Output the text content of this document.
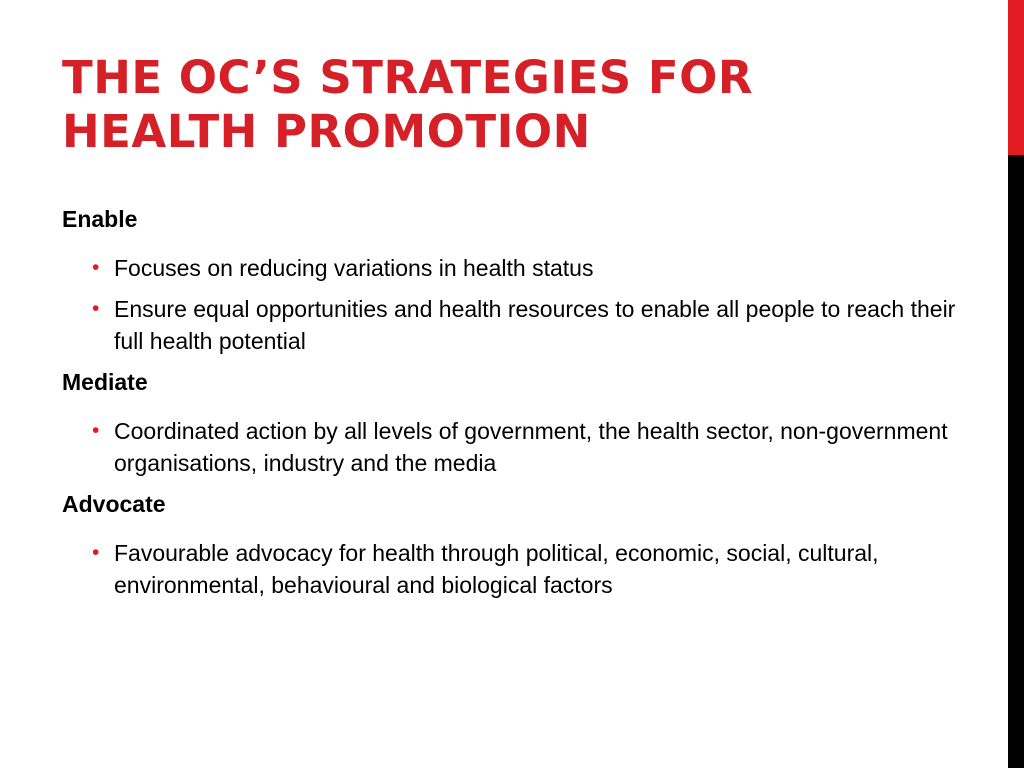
THE OC’S STRATEGIES FOR
HEALTH PROMOTION
Enable
• Focuses on reducing variations in health status
• Ensure equal opportunities and health resources to enable all people to reach their full health potential
Mediate
• Coordinated action by all levels of government, the health sector, non-government organisations, industry and the media
Advocate
• Favourable advocacy for health through political, economic, social, cultural, environmental, behavioural and biological factors
